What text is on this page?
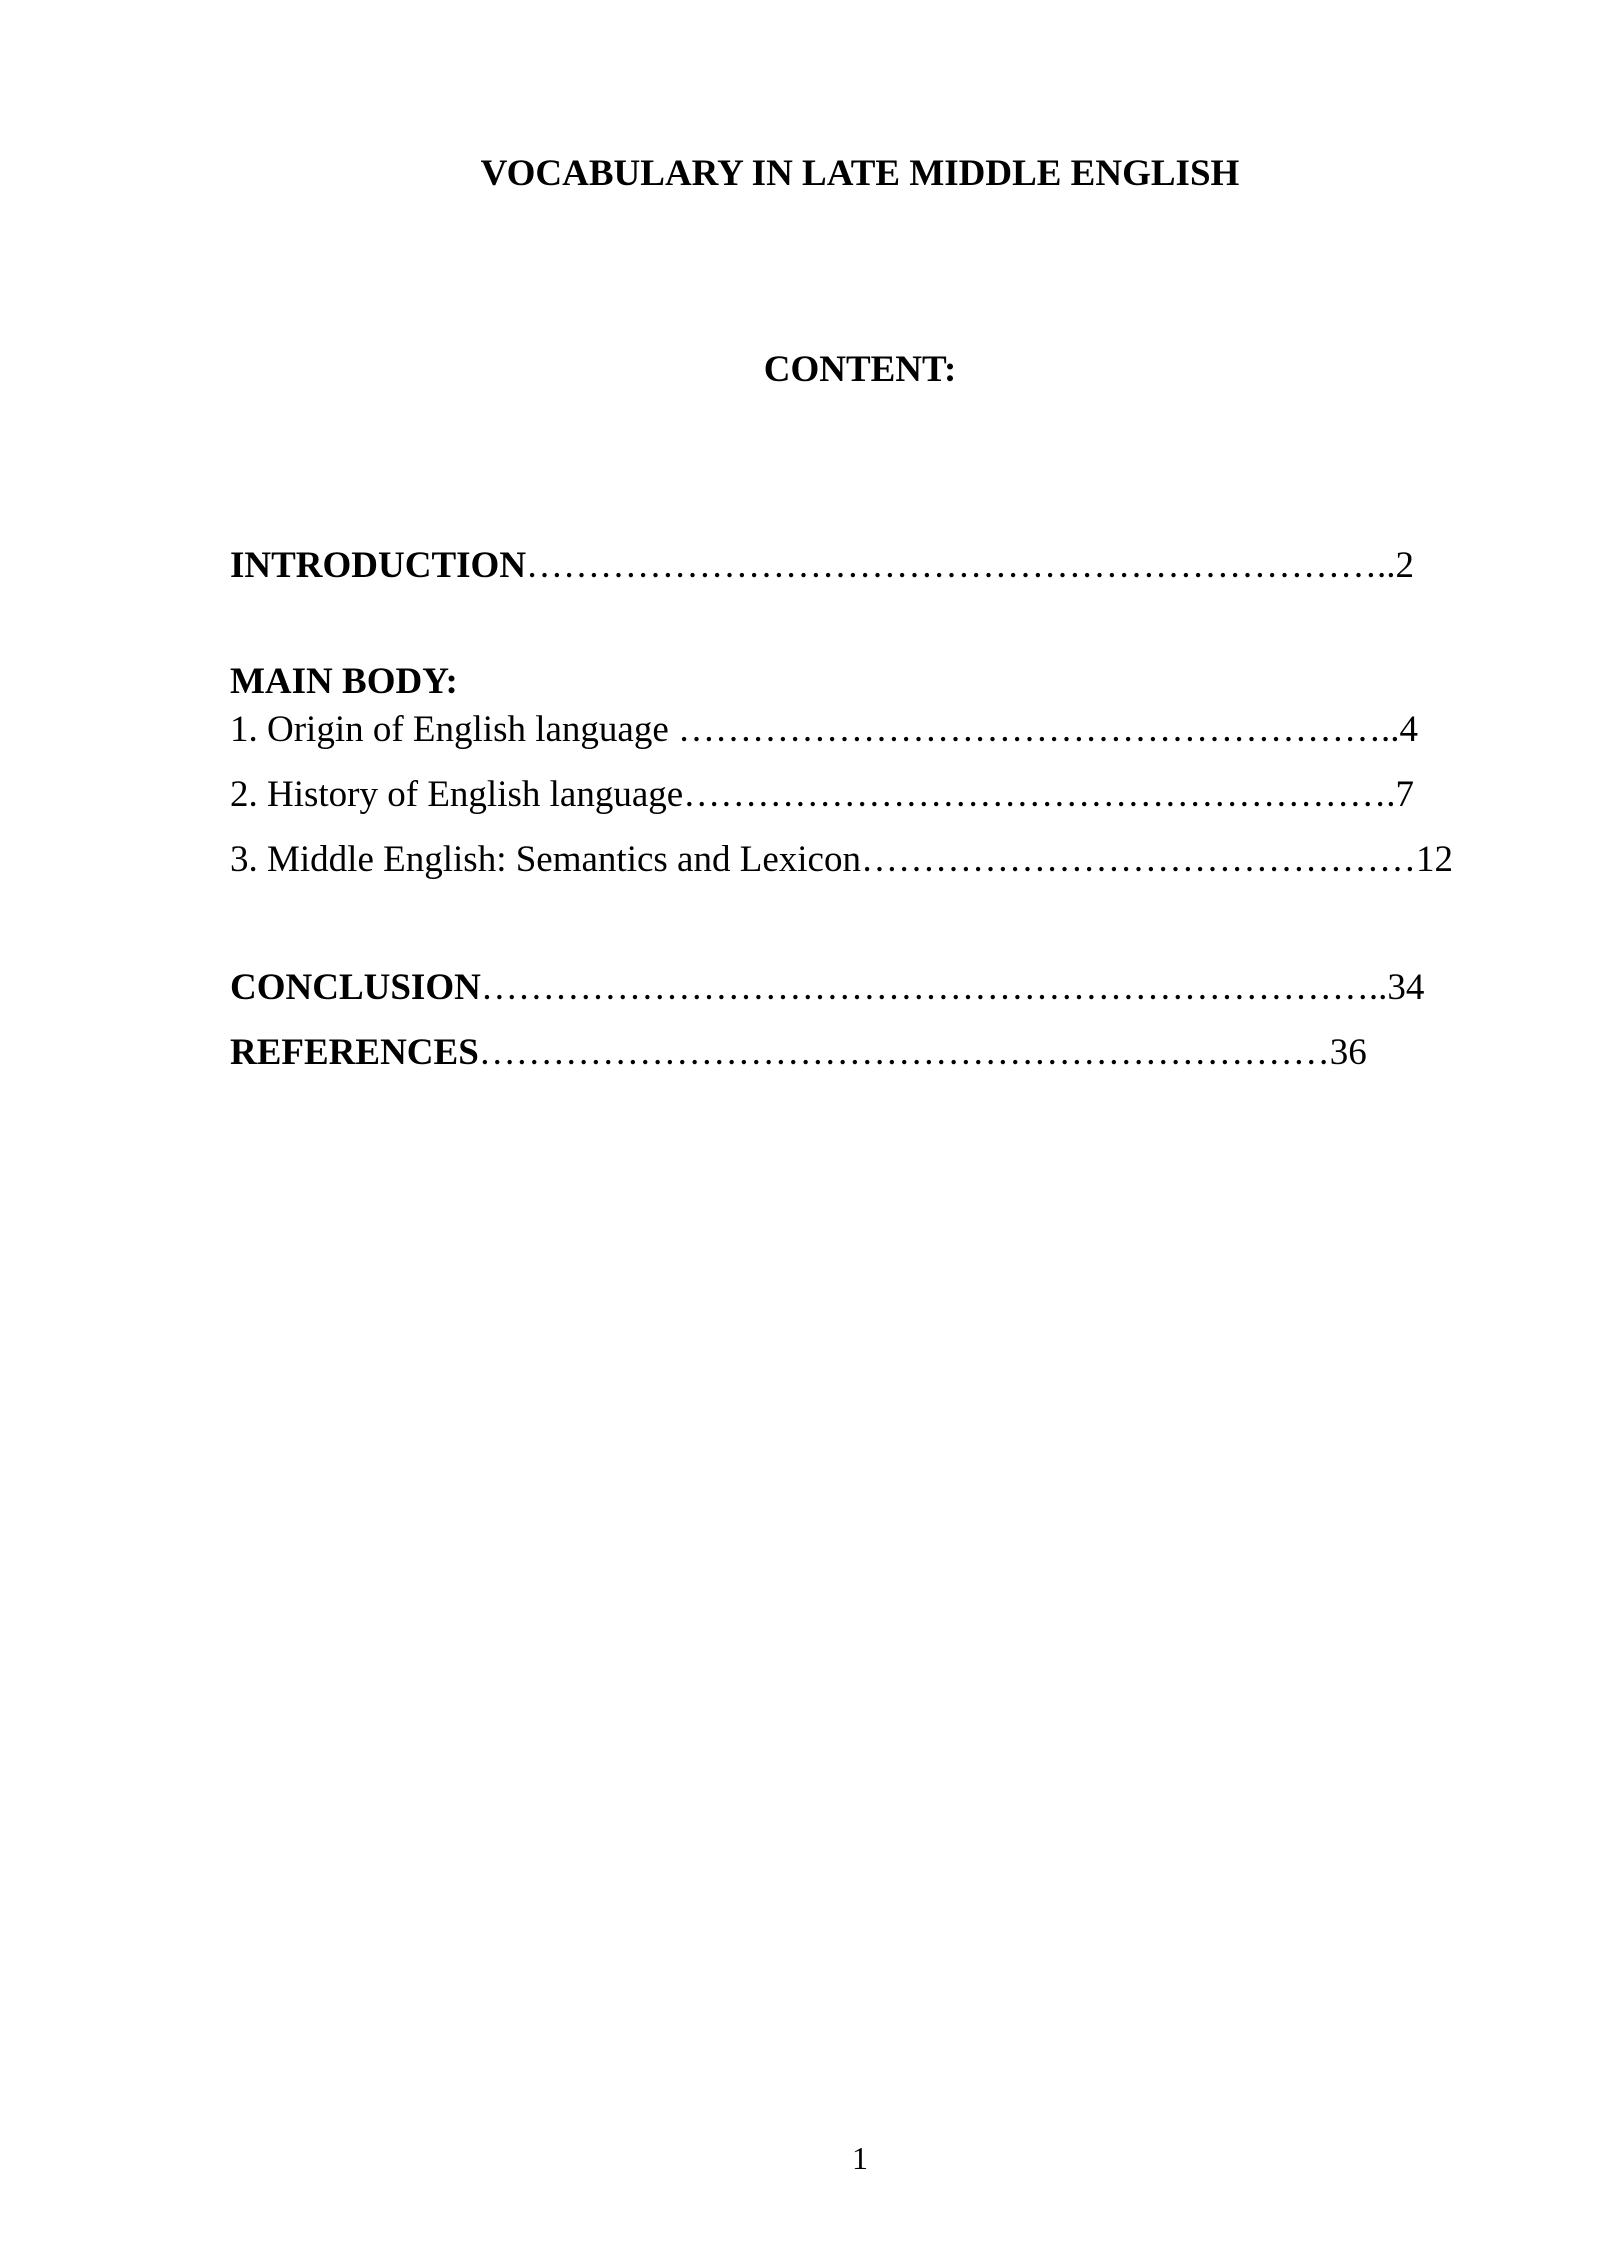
VOCABULARY IN LATE MIDDLE ENGLISH
CONTENT:
INTRODUCTION……………………………………………………………..2
MAIN BODY:
1. Origin of English language …………………………………………………..4
2. History of English language………………………………………………….7
3. Middle English: Semantics and Lexicon………………………………………12
CONCLUSION………………………………………………………………..34
REFERENCES……………………………………………………………36
1
